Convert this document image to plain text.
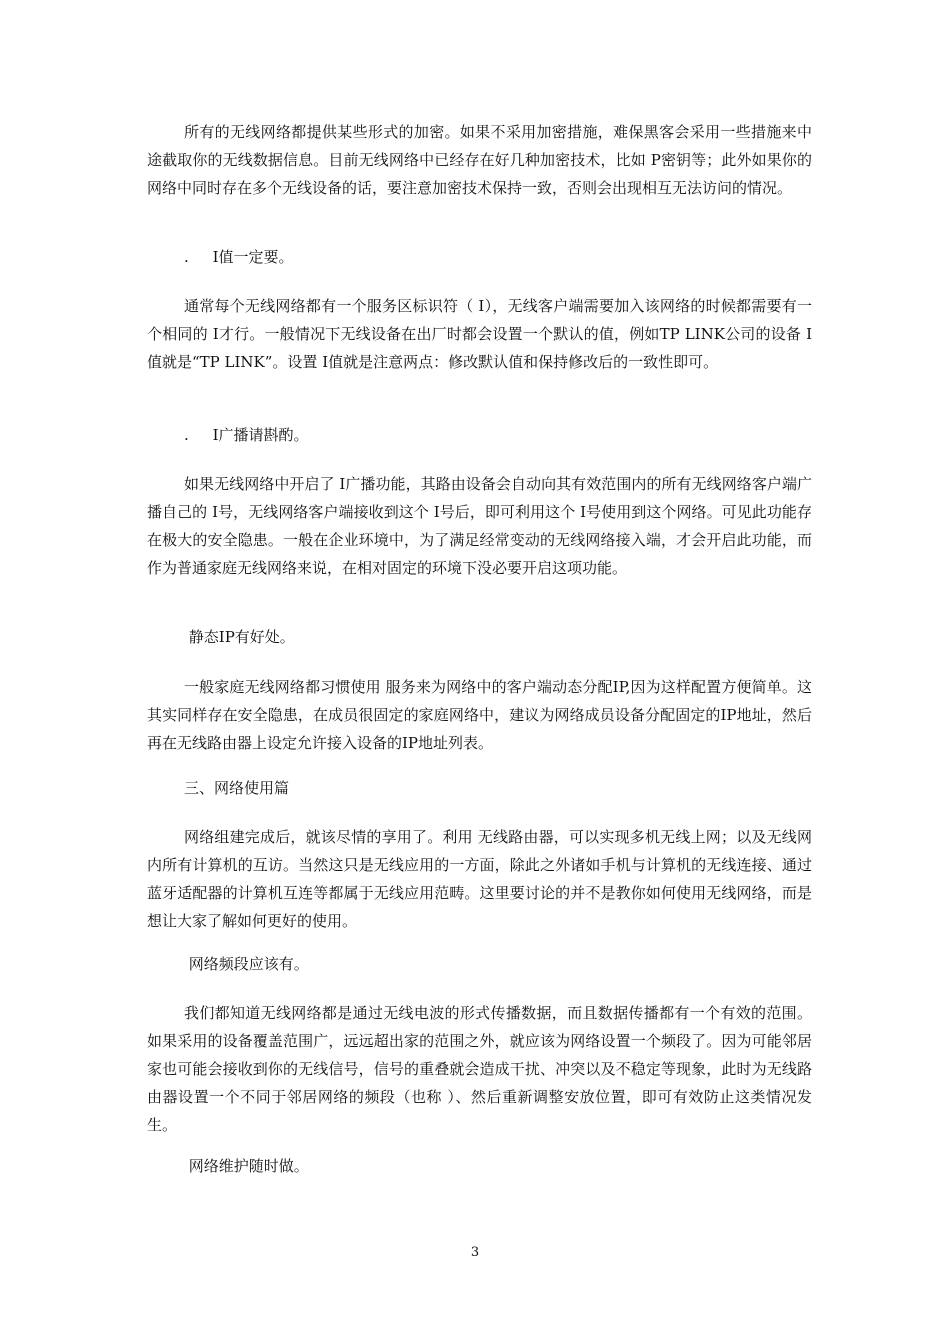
所有的无线网络都提供某些形式的加密。如果不采用加密措施，难保黑客会采用一些措施来中途截取你的无线数据信息。目前无线网络中已经存在好几种加密技术，比如 P密钥等；此外如果你的网络中同时存在多个无线设备的话，要注意加密技术保持一致，否则会出现相互无法访问的情况。

.     I值一定要。

通常每个无线网络都有一个服务区标识符（ I），无线客户端需要加入该网络的时候都需要有一个相同的 I才行。一般情况下无线设备在出厂时都会设置一个默认的值，例如TP LINK公司的设备 I值就是“TP LINK”。设置 I值就是注意两点：修改默认值和保持修改后的一致性即可。

.     I广播请斟酌。

如果无线网络中开启了 I广播功能，其路由设备会自动向其有效范围内的所有无线网络客户端广播自己的 I号，无线网络客户端接收到这个 I号后，即可利用这个 I号使用到这个网络。可见此功能存在极大的安全隐患。一般在企业环境中，为了满足经常变动的无线网络接入端，才会开启此功能，而作为普通家庭无线网络来说，在相对固定的环境下没必要开启这项功能。

静态IP有好处。

一般家庭无线网络都习惯使用 服务来为网络中的客户端动态分配IP,因为这样配置方便简单。这其实同样存在安全隐患，在成员很固定的家庭网络中，建议为网络成员设备分配固定的IP地址，然后再在无线路由器上设定允许接入设备的IP地址列表。

三、网络使用篇

网络组建完成后，就该尽情的享用了。利用 无线路由器，可以实现多机无线上网；以及无线网内所有计算机的互访。当然这只是无线应用的一方面，除此之外诸如手机与计算机的无线连接、通过蓝牙适配器的计算机互连等都属于无线应用范畴。这里要讨论的并不是教你如何使用无线网络，而是想让大家了解如何更好的使用。

网络频段应该有。

我们都知道无线网络都是通过无线电波的形式传播数据，而且数据传播都有一个有效的范围。如果采用的设备覆盖范围广，远远超出家的范围之外，就应该为网络设置一个频段了。因为可能邻居家也可能会接收到你的无线信号，信号的重叠就会造成干扰、冲突以及不稳定等现象，此时为无线路由器设置一个不同于邻居网络的频段（也称 ）、然后重新调整安放位置，即可有效防止这类情况发生。

网络维护随时做。

3
